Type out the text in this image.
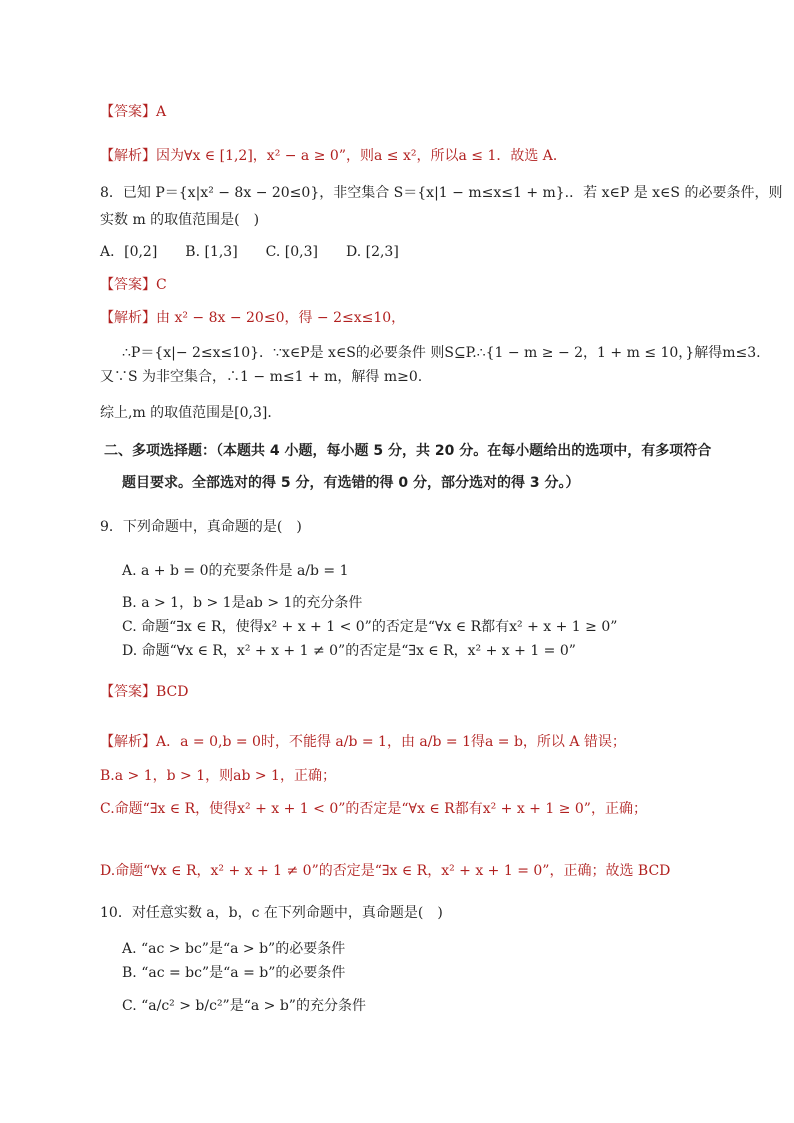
【答案】A
【解析】因为∀x ∈ [1,2]，x² − a ≥ 0”，则a ≤ x²，所以a ≤ 1．故选 A．
8．已知 P＝{x|x² − 8x − 20≤0}，非空集合 S＝{x|1 − m≤x≤1 + m}.．若 x∈P 是 x∈S 的必要条件，则
实数 m 的取值范围是(　)
A．[0,2]　　B. [1,3]　　C. [0,3]　　D. [2,3]
【答案】C
【解析】由 x² − 8x − 20≤0，得 − 2≤x≤10，
∴P＝{x|− 2≤x≤10}．∵x∈P是 x∈S的必要条件 则S⊆P.∴{1 − m ≥ − 2，1 + m ≤ 10，}解得m≤3.
又∵S 为非空集合，∴1 − m≤1 + m，解得 m≥0.
综上,m 的取值范围是[0,3]．
二、多项选择题：（本题共 4 小题，每小题 5 分，共 20 分。在每小题给出的选项中，有多项符合
题目要求。全部选对的得 5 分，有选错的得 0 分，部分选对的得 3 分。）
9．下列命题中，真命题的是(　)
A. a + b = 0的充要条件是 a/b = 1
B. a > 1，b > 1是ab > 1的充分条件
C. 命题“∃x ∈ R，使得x² + x + 1 < 0”的否定是“∀x ∈ R都有x² + x + 1 ≥ 0”
D. 命题“∀x ∈ R，x² + x + 1 ≠ 0”的否定是“∃x ∈ R，x² + x + 1 = 0”
【答案】BCD
【解析】A．a = 0,b = 0时，不能得 a/b = 1，由 a/b = 1得a = b，所以 A 错误；
B.a > 1，b > 1，则ab > 1，正确；
C.命题“∃x ∈ R，使得x² + x + 1 < 0”的否定是“∀x ∈ R都有x² + x + 1 ≥ 0”，正确；
D.命题“∀x ∈ R，x² + x + 1 ≠ 0”的否定是“∃x ∈ R，x² + x + 1 = 0”，正确；故选 BCD
10．对任意实数 a，b，c 在下列命题中，真命题是(　)
A. “ac > bc”是“a > b”的必要条件
B. “ac = bc”是“a = b”的必要条件
C. “a/c² > b/c²”是“a > b”的充分条件
